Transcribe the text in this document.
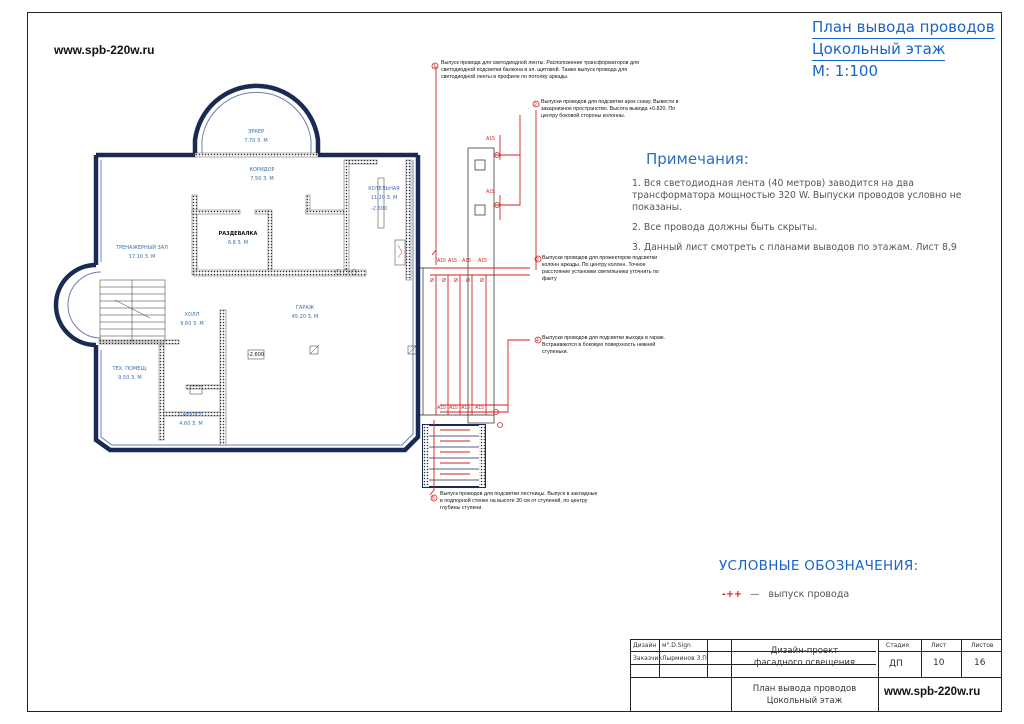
www.spb-220w.ru
План вывода проводов
Цокольный этаж
М: 1:100
Примечания:

1. Вся светодиодная лента (40 метров) заводится на два трансформатора мощностью 320 W. Выпуски проводов условно не показаны.

2. Все провода должны быть скрыты.

3. Данный лист смотреть с планами выводов по этажам. Лист 8,9

УСЛОВНЫЕ ОБОЗНАЧЕНИЯ:
-++ — выпуск провода
ЭРКЕР
7.70 З. М
КОРИДОР
7.50 З. М
КОТЕЛЬНАЯ
11.20 З. М
-2.600
РАЗДЕВАЛКА
6.8 З. М
ТРЕНАЖЕРНЫЙ ЗАЛ
17.10 З. М
ГАРАЖ
45.20 З. М
-2.600
ХОЛЛ
9.60 З. М
ТЕХ. ПОМЕЩ.
9.50 З. М
САНУЗЕЛ
4.60 З. М
1
2
3
4
5
А15 А15 А15 А15
А15
А15
Ø Ø Ø Ø Ø
А15 А15 А15 А15
Выпуск провода для светодиодной ленты. Расположение трансформаторов для светодиодной подсветки балкона в эл. щитовой. Также выпуск провода для светодиодной ленты в профиле по потолку аркады.
Выпуски проводов для подсветки арок снизу. Вывести в закарнизное пространство. Высота вывода +0.820. По центру боковой стороны колонны.
Выпуски проводов для прожекторов подсветки колонн аркады. По центру колонн. Точное расстояние установки светильника уточнить по факту
Выпуски проводов для подсветки выхода в гараж. Встраиваются в боковую поверхность нижней ступеньки.
Выпуск проводов для подсветки лестницы. Выпуск в закладные в подпорной стенке на высоте 30 см от ступеней, по центру глубины ступени.
Дизайн м".D.Sign
Заказчик Лырминов З.П.
Дизайн-проект
фасадного освещения
План вывода проводов
Цокольный этаж
Стадия	Лист	Листов
ДП	10	16
www.spb-220w.ru
